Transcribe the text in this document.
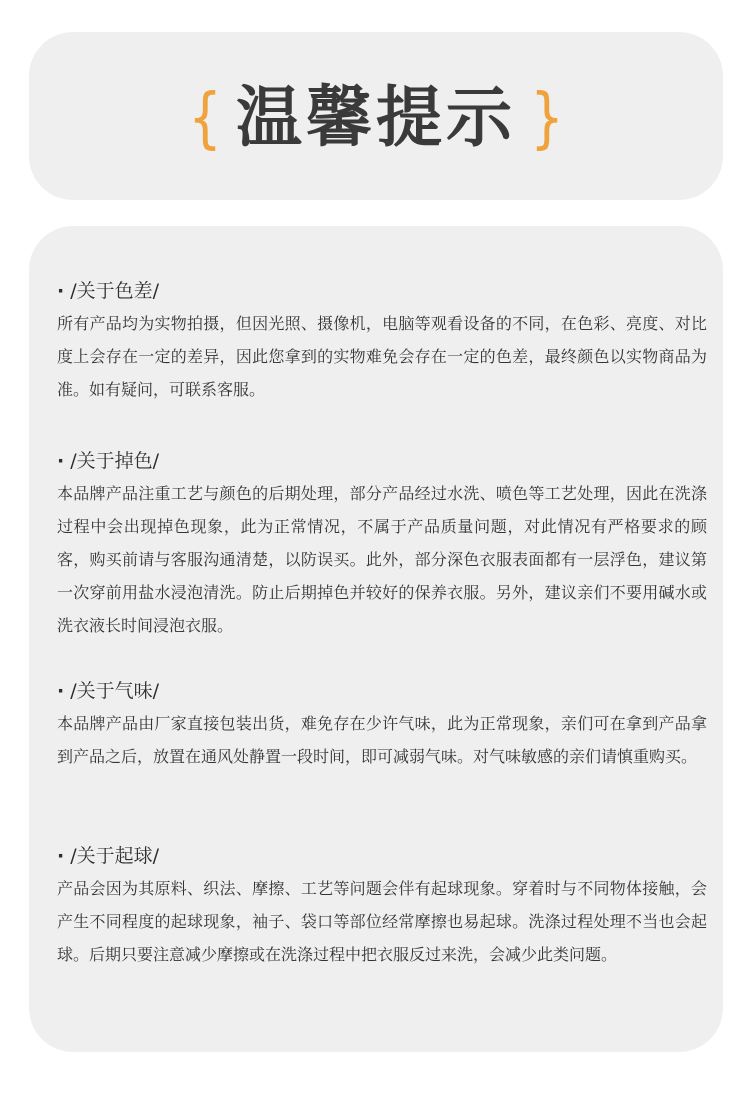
{ 温馨提示 }
· /关于色差/

所有产品均为实物拍摄，但因光照、摄像机，电脑等观看设备的不同，在色彩、亮度、对比度上会存在一定的差异，因此您拿到的实物难免会存在一定的色差，最终颜色以实物商品为准。如有疑问，可联系客服。

· /关于掉色/

本品牌产品注重工艺与颜色的后期处理，部分产品经过水洗、喷色等工艺处理，因此在洗涤过程中会出现掉色现象，此为正常情况，不属于产品质量问题，对此情况有严格要求的顾客，购买前请与客服沟通清楚，以防误买。此外，部分深色衣服表面都有一层浮色，建议第一次穿前用盐水浸泡清洗。防止后期掉色并较好的保养衣服。另外，建议亲们不要用碱水或洗衣液长时间浸泡衣服。

· /关于气味/

本品牌产品由厂家直接包装出货，难免存在少许气味，此为正常现象，亲们可在拿到产品拿到产品之后，放置在通风处静置一段时间，即可减弱气味。对气味敏感的亲们请慎重购买。

· /关于起球/

产品会因为其原料、织法、摩擦、工艺等问题会伴有起球现象。穿着时与不同物体接触，会产生不同程度的起球现象，袖子、袋口等部位经常摩擦也易起球。洗涤过程处理不当也会起球。后期只要注意减少摩擦或在洗涤过程中把衣服反过来洗，会减少此类问题。
